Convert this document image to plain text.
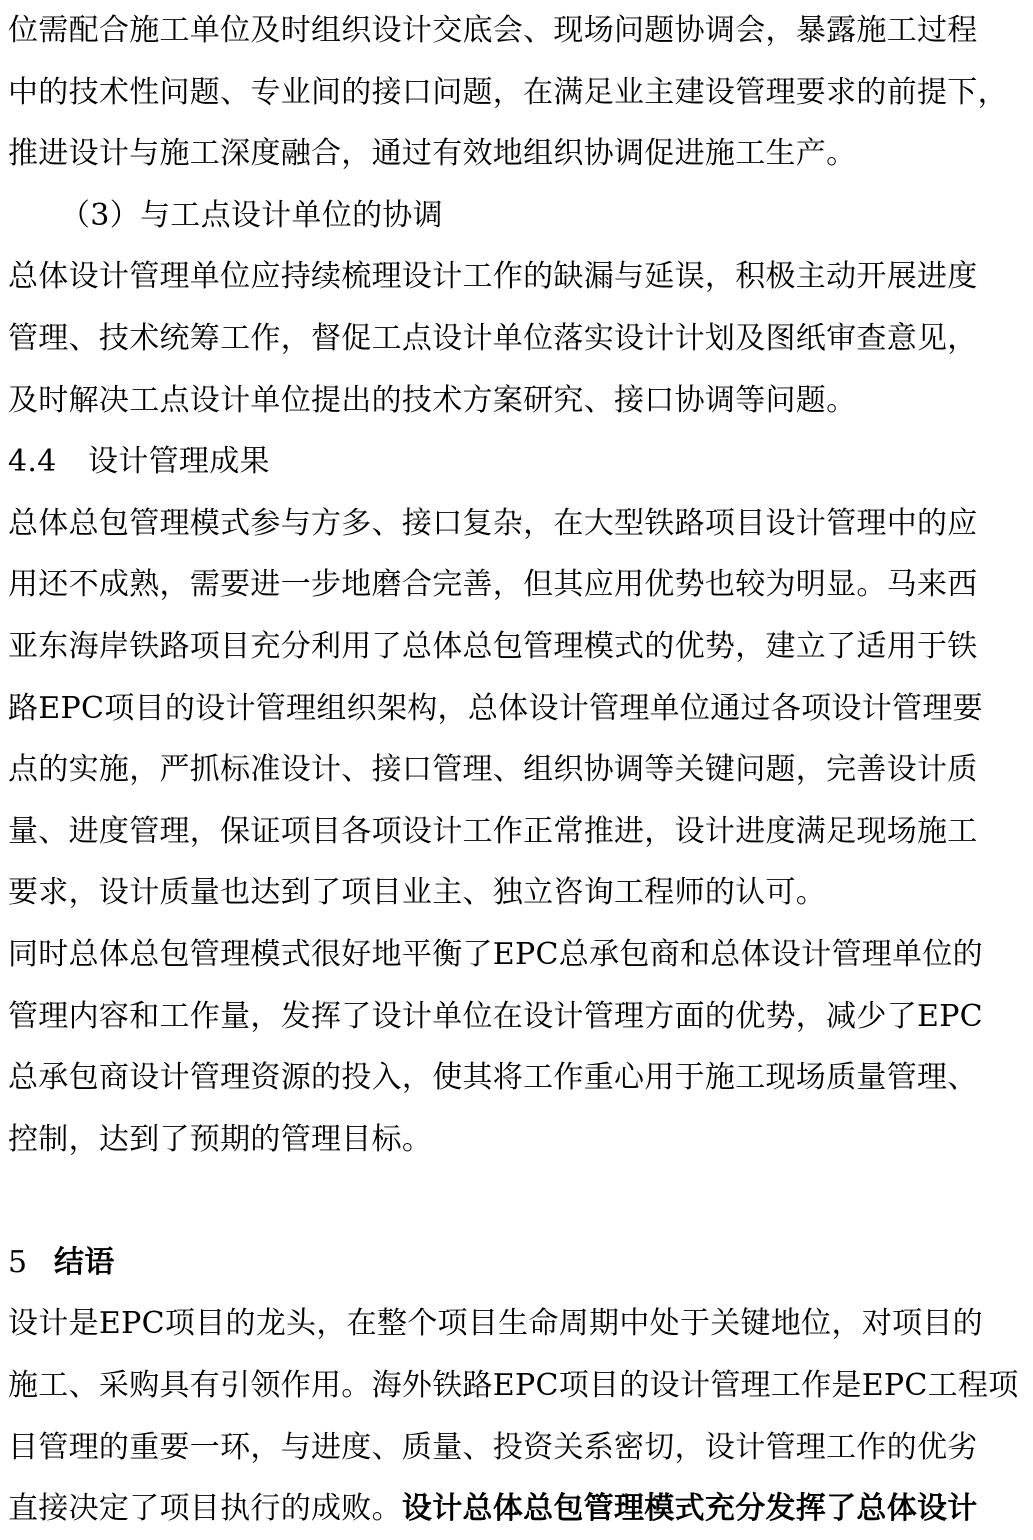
位需配合施工单位及时组织设计交底会、现场问题协调会，暴露施工过程
中的技术性问题、专业间的接口问题，在满足业主建设管理要求的前提下，
推进设计与施工深度融合，通过有效地组织协调促进施工生产。
（3）与工点设计单位的协调
总体设计管理单位应持续梳理设计工作的缺漏与延误，积极主动开展进度
管理、技术统筹工作，督促工点设计单位落实设计计划及图纸审查意见，
及时解决工点设计单位提出的技术方案研究、接口协调等问题。
4.4 设计管理成果
总体总包管理模式参与方多、接口复杂，在大型铁路项目设计管理中的应
用还不成熟，需要进一步地磨合完善，但其应用优势也较为明显。马来西
亚东海岸铁路项目充分利用了总体总包管理模式的优势，建立了适用于铁
路EPC项目的设计管理组织架构，总体设计管理单位通过各项设计管理要
点的实施，严抓标准设计、接口管理、组织协调等关键问题，完善设计质
量、进度管理，保证项目各项设计工作正常推进，设计进度满足现场施工
要求，设计质量也达到了项目业主、独立咨询工程师的认可。
同时总体总包管理模式很好地平衡了EPC总承包商和总体设计管理单位的
管理内容和工作量，发挥了设计单位在设计管理方面的优势，减少了EPC
总承包商设计管理资源的投入，使其将工作重心用于施工现场质量管理、
控制，达到了预期的管理目标。
5 结语
设计是EPC项目的龙头，在整个项目生命周期中处于关键地位，对项目的
施工、采购具有引领作用。海外铁路EPC项目的设计管理工作是EPC工程项
目管理的重要一环，与进度、质量、投资关系密切，设计管理工作的优劣
直接决定了项目执行的成败。设计总体总包管理模式充分发挥了总体设计
